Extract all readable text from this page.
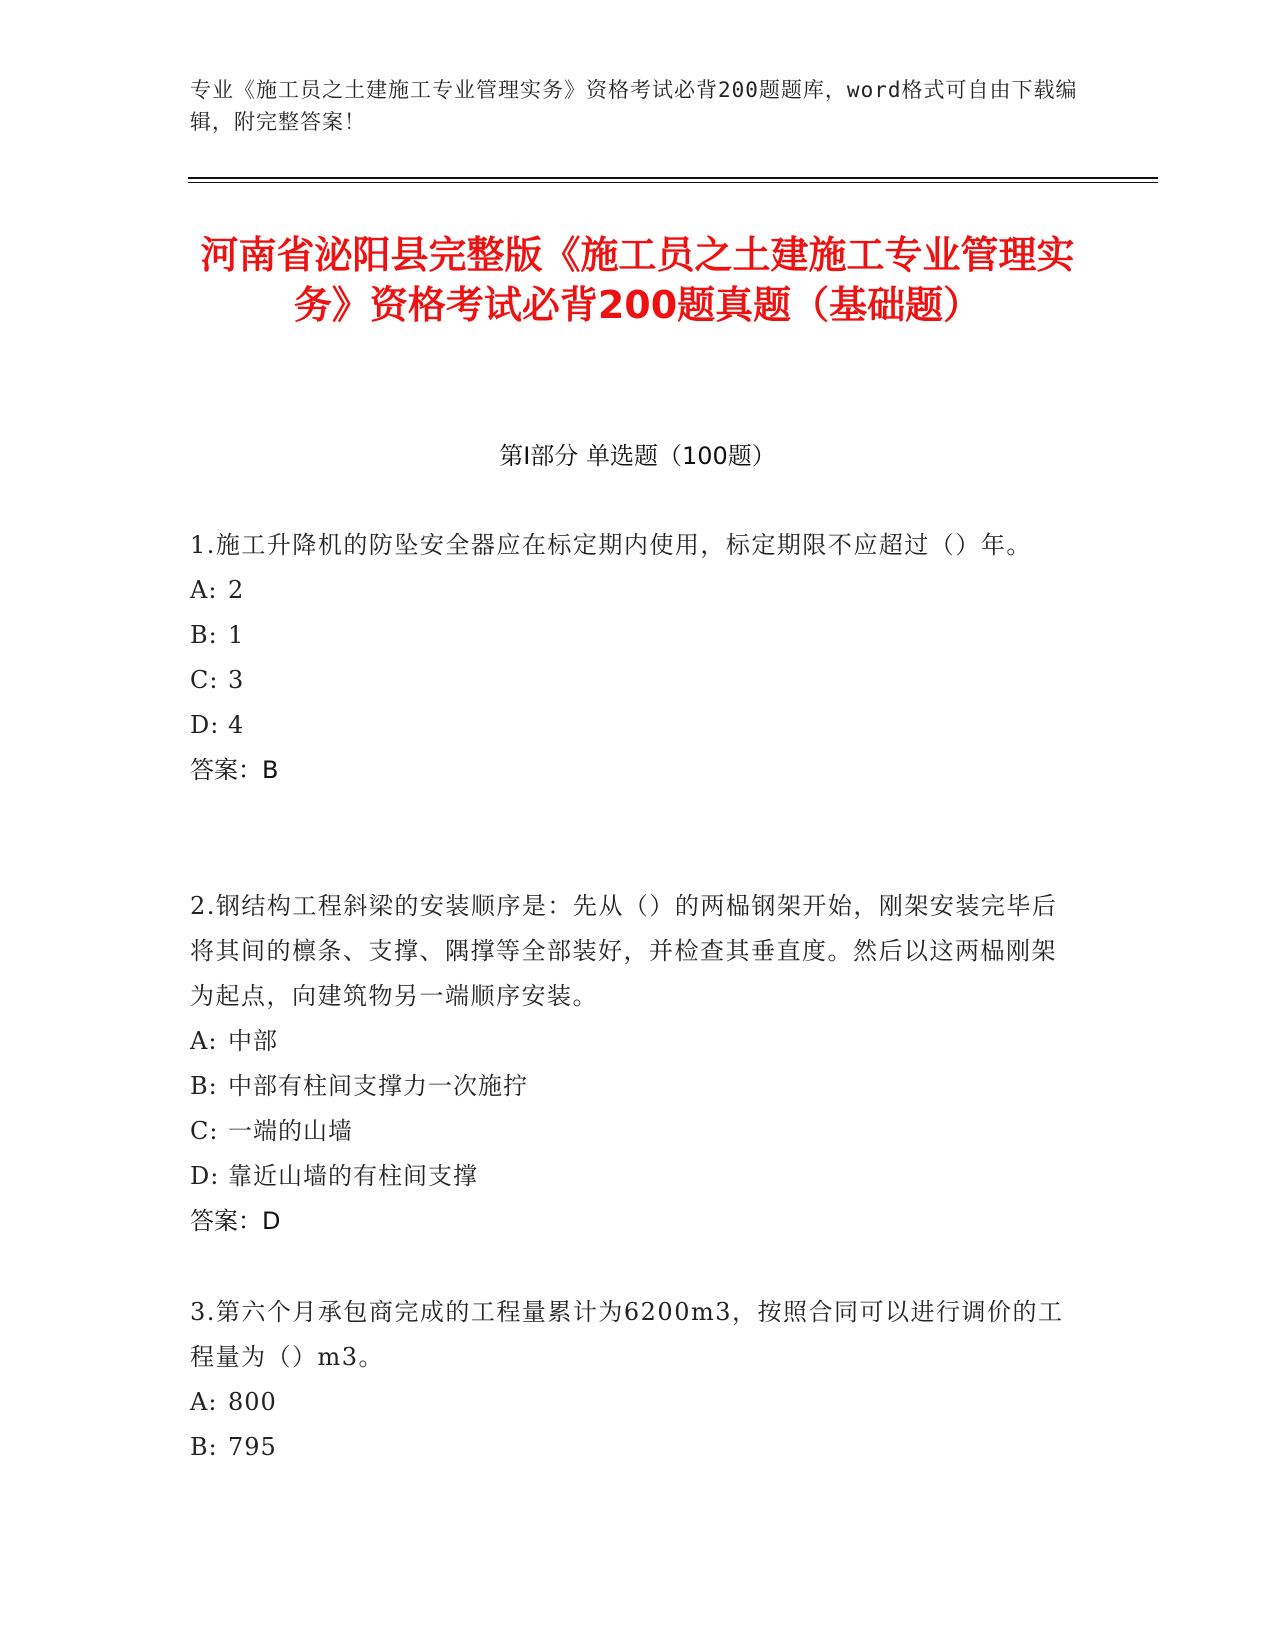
专业《施工员之土建施工专业管理实务》资格考试必背200题题库，word格式可自由下载编辑，附完整答案！
河南省泌阳县完整版《施工员之土建施工专业管理实务》资格考试必背200题真题（基础题）
第Ⅰ部分 单选题（100题）
1.施工升降机的防坠安全器应在标定期内使用，标定期限不应超过（）年。
A: 2
B: 1
C: 3
D: 4
答案：B
2.钢结构工程斜梁的安装顺序是：先从（）的两榀钢架开始，刚架安装完毕后将其间的檩条、支撑、隅撑等全部装好，并检查其垂直度。然后以这两榀刚架为起点，向建筑物另一端顺序安装。
A: 中部
B: 中部有柱间支撑力一次施拧
C: 一端的山墙
D: 靠近山墙的有柱间支撑
答案：D
3.第六个月承包商完成的工程量累计为6200m3，按照合同可以进行调价的工程量为（）m3。
A: 800
B: 795
